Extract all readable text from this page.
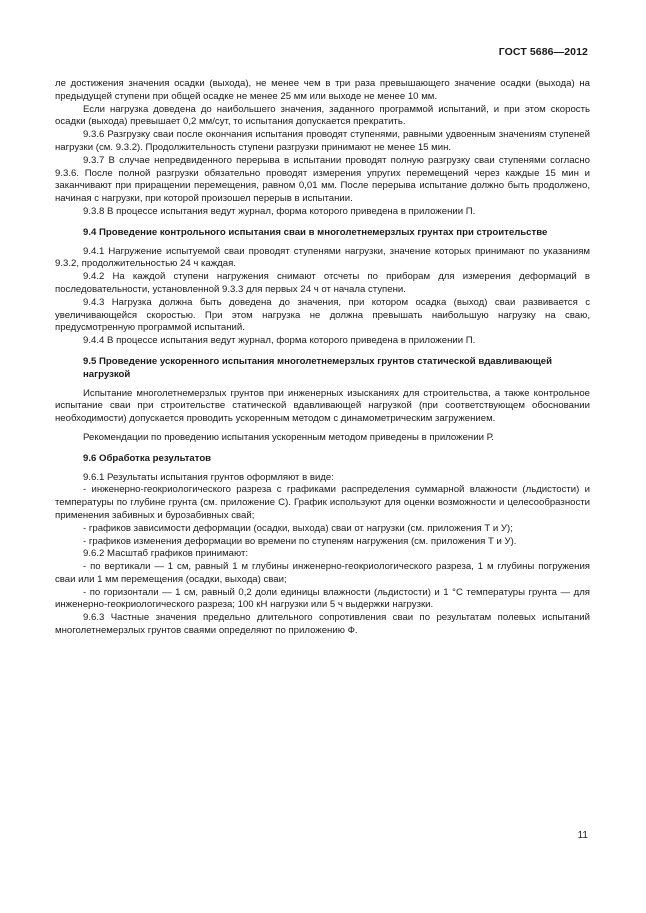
ГОСТ 5686—2012

ле достижения значения осадки (выхода), не менее чем в три раза превышающего значение осадки (выхода) на предыдущей ступени при общей осадке не менее 25 мм или выходе не менее 10 мм.

Если нагрузка доведена до наибольшего значения, заданного программой испытаний, и при этом скорость осадки (выхода) превышает 0,2 мм/сут, то испытания допускается прекратить.

9.3.6 Разгрузку сваи после окончания испытания проводят ступенями, равными удвоенным значениям ступеней нагрузки (см. 9.3.2). Продолжительность ступени разгрузки принимают не менее 15 мин.

9.3.7 В случае непредвиденного перерыва в испытании проводят полную разгрузку сваи ступенями согласно 9.3.6. После полной разгрузки обязательно проводят измерения упругих перемещений через каждые 15 мин и заканчивают при приращении перемещения, равном 0,01 мм. После перерыва испытание должно быть продолжено, начиная с нагрузки, при которой произошел перерыв в испытании.

9.3.8 В процессе испытания ведут журнал, форма которого приведена в приложении П.

9.4 Проведение контрольного испытания сваи в многолетнемерзлых грунтах при строительстве

9.4.1 Нагружение испытуемой сваи проводят ступенями нагрузки, значение которых принимают по указаниям 9.3.2, продолжительностью 24 ч каждая.

9.4.2 На каждой ступени нагружения снимают отсчеты по приборам для измерения деформаций в последовательности, установленной 9.3.3 для первых 24 ч от начала ступени.

9.4.3 Нагрузка должна быть доведена до значения, при котором осадка (выход) сваи развивается с увеличивающейся скоростью. При этом нагрузка не должна превышать наибольшую нагрузку на сваю, предусмотренную программой испытаний.

9.4.4 В процессе испытания ведут журнал, форма которого приведена в приложении П.

9.5 Проведение ускоренного испытания многолетнемерзлых грунтов статической вдавливающей нагрузкой

Испытание многолетнемерзлых грунтов при инженерных изысканиях для строительства, а также контрольное испытание сваи при строительстве статической вдавливающей нагрузкой (при соответствующем обосновании необходимости) допускается проводить ускоренным методом с динамометрическим загружением.

Рекомендации по проведению испытания ускоренным методом приведены в приложении Р.

9.6 Обработка результатов

9.6.1 Результаты испытания грунтов оформляют в виде:

- инженерно-геокриологического разреза с графиками распределения суммарной влажности (льдистости) и температуры по глубине грунта (см. приложение С). График используют для оценки возможности и целесообразности применения забивных и бурозабивных свай;

- графиков зависимости деформации (осадки, выхода) сваи от нагрузки (см. приложения Т и У);

- графиков изменения деформации во времени по ступеням нагружения (см. приложения Т и У).

9.6.2 Масштаб графиков принимают:

- по вертикали — 1 см, равный 1 м глубины инженерно-геокриологического разреза, 1 м глубины погружения сваи или 1 мм перемещения (осадки, выхода) сваи;

- по горизонтали — 1 см, равный 0,2 доли единицы влажности (льдистости) и 1 °С температуры грунта — для инженерно-геокриологического разреза; 100 кН нагрузки или 5 ч выдержки нагрузки.

9.6.3 Частные значения предельно длительного сопротивления сваи по результатам полевых испытаний многолетнемерзлых грунтов сваями определяют по приложению Ф.

11
